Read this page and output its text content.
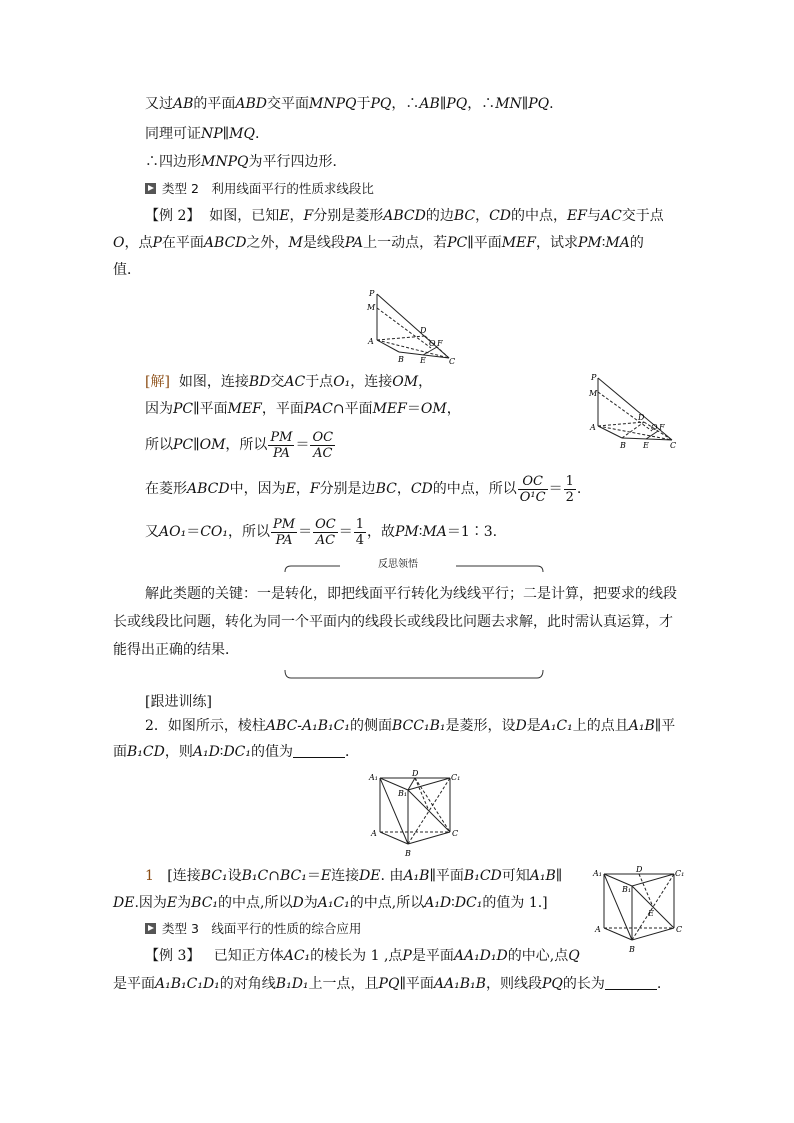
又过AB的平面ABD交平面MNPQ于PQ，∴AB∥PQ，∴MN∥PQ.
同理可证NP∥MQ.
∴四边形MNPQ为平行四边形．
类型 2　利用线面平行的性质求线段比
【例 2】 如图，已知E，F分别是菱形ABCD的边BC，CD的中点，EF与AC交于点
O，点P在平面ABCD之外，M是线段PA上一动点，若PC∥平面MEF，试求PM∶MA的
值．
P
M
A
B
D
E
O F
C
[解] 如图，连接BD交AC于点O₁，连接OM，
因为PC∥平面MEF，平面PAC∩平面MEF＝OM，
所以PC∥OM，所以 $\frac{PM}{PA} = \frac{OC}{AC}$
在菱形ABCD中，因为E，F分别是边BC，CD的中点，所以 $\frac{OC}{\text{O¹C}} = \frac{1}{2}$ .
又AO₁＝CO₁，所以 $\frac{PM}{PA} = \frac{OC}{AC} = \frac{1}{4}$ ，故PM∶MA＝1∶3.
P
M
A
B
D
E
O F
C
反思领悟
解此类题的关键：一是转化，即把线面平行转化为线线平行；二是计算，把要求的线段
长或线段比问题，转化为同一个平面内的线段长或线段比问题去求解，此时需认真运算，才
能得出正确的结果．
[跟进训练]
2．如图所示，棱柱ABC-A₁B₁C₁的侧面BCC₁B₁是菱形，设D是A₁C₁上的点且A₁B∥平
面B₁CD，则A₁D∶DC₁的值为	．
A₁	D	C₁
B₁
A	C
B
1 [连接BC₁设B₁C∩BC₁＝E连接DE. 由A₁B∥平面B₁CD可知A₁B∥
DE.因为E为BC₁的中点,所以D为A₁C₁的中点,所以A₁D∶DC₁的值为 1.]
A₁	D	C₁
B₁
E
A	C
B
类型 3　线面平行的性质的综合应用
【例 3】 已知正方体AC₁的棱长为 1 ,点P是平面AA₁D₁D的中心,点Q
是平面A₁B₁C₁D₁的对角线B₁D₁上一点，且PQ∥平面AA₁B₁B，则线段PQ的长为	.
